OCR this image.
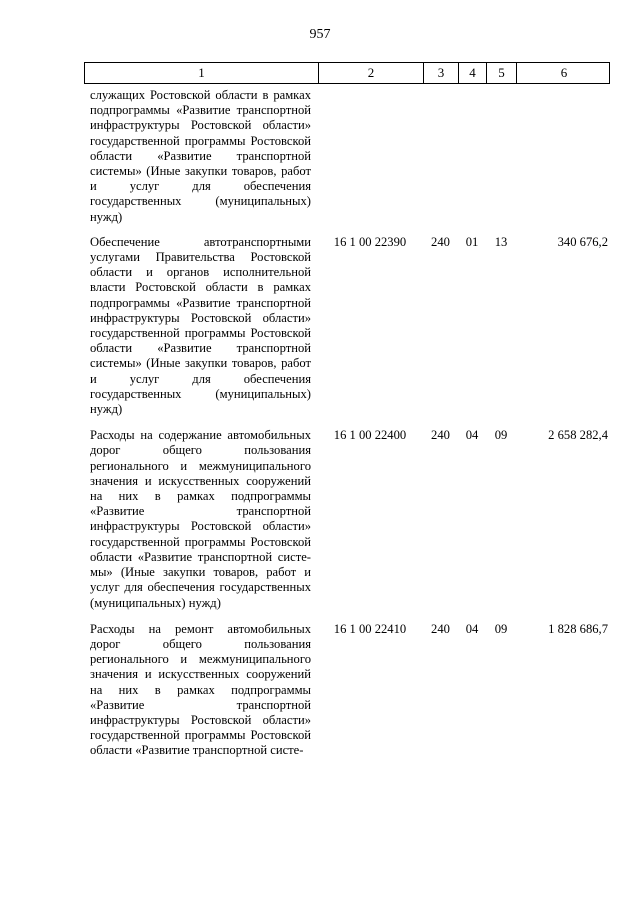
957
1	2	3	4	5	6
служащих Ростовской области в рамках подпрограммы «Развитие транспортной инфраструктуры Ростовской области» государственной программы Ростовской области «Развитие транспортной системы» (Иные закупки товаров, работ и услуг для обеспечения государственных (муниципальных) нужд)
Обеспечение автотранспортными услугами Правительства Ростовской области и органов исполнительной власти Ростовской области в рамках подпрограммы «Развитие транспортной инфраструктуры Ростовской области» государственной программы Ростовской области «Развитие транспортной системы» (Иные закупки товаров, работ и услуг для обеспечения государственных (муниципальных) нужд)
16 1 00 22390	240	01	13	340 676,2
Расходы на содержание автомобильных дорог общего пользования регионального и межмуниципального значения и искусственных сооружений на них в рамках подпрограммы «Развитие транспортной инфраструктуры Ростовской области» государственной программы Ростовской области «Развитие транспортной системы» (Иные закупки товаров, работ и услуг для обеспечения государственных (муниципальных) нужд)
16 1 00 22400	240	04	09	2 658 282,4
Расходы на ремонт автомобильных дорог общего пользования регионального и межмуниципального значения и искусственных сооружений на них в рамках подпрограммы «Развитие транспортной инфраструктуры Ростовской области» государственной программы Ростовской области «Развитие транспортной систе-
16 1 00 22410	240	04	09	1 828 686,7
